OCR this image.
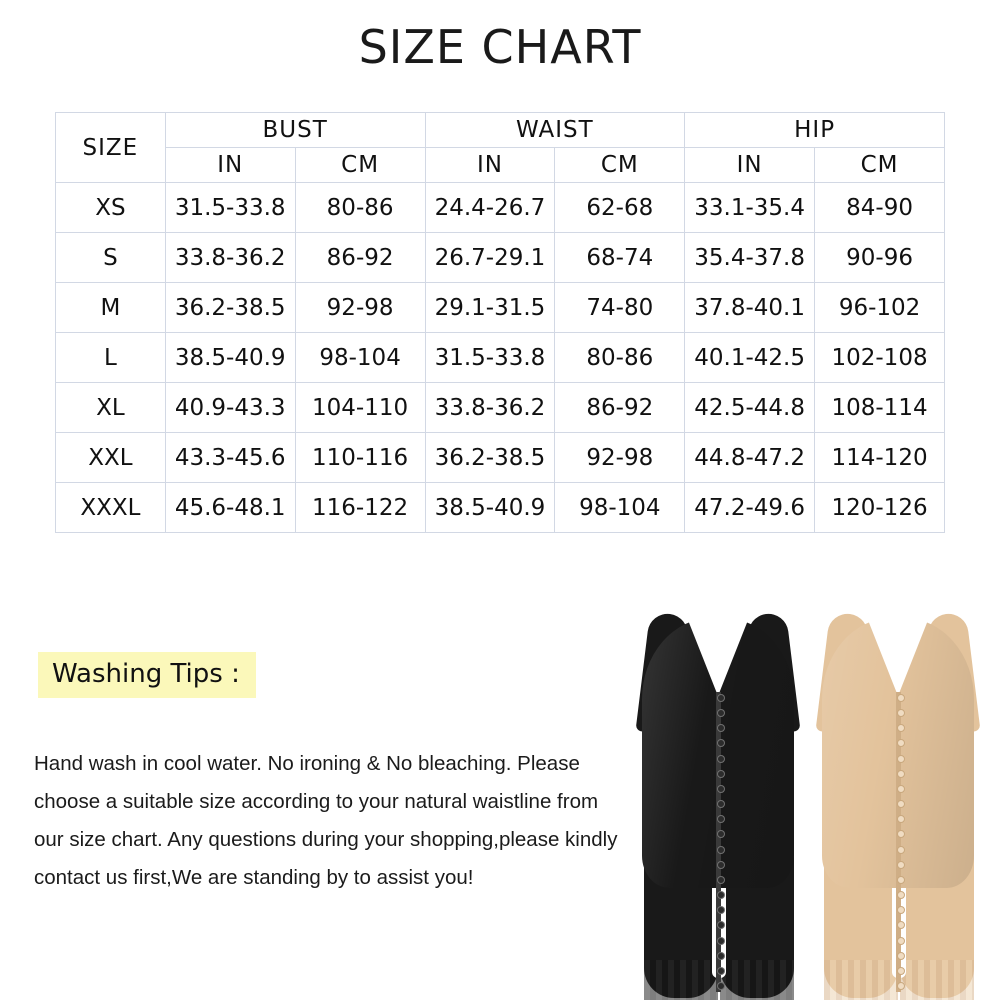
SIZE CHART
SIZE	BUST		WAIST		HIP	
	IN	CM	IN	CM	IN	CM
XS	31.5-33.8	80-86	24.4-26.7	62-68	33.1-35.4	84-90
S	33.8-36.2	86-92	26.7-29.1	68-74	35.4-37.8	90-96
M	36.2-38.5	92-98	29.1-31.5	74-80	37.8-40.1	96-102
L	38.5-40.9	98-104	31.5-33.8	80-86	40.1-42.5	102-108
XL	40.9-43.3	104-110	33.8-36.2	86-92	42.5-44.8	108-114
XXL	43.3-45.6	110-116	36.2-38.5	92-98	44.8-47.2	114-120
XXXL	45.6-48.1	116-122	38.5-40.9	98-104	47.2-49.6	120-126
Washing Tips :
Hand wash in cool water. No ironing & No bleaching. Please choose a suitable size according to your natural waistline from our size chart. Any questions during your shopping,please kindly contact us first,We are standing by to assist you!
